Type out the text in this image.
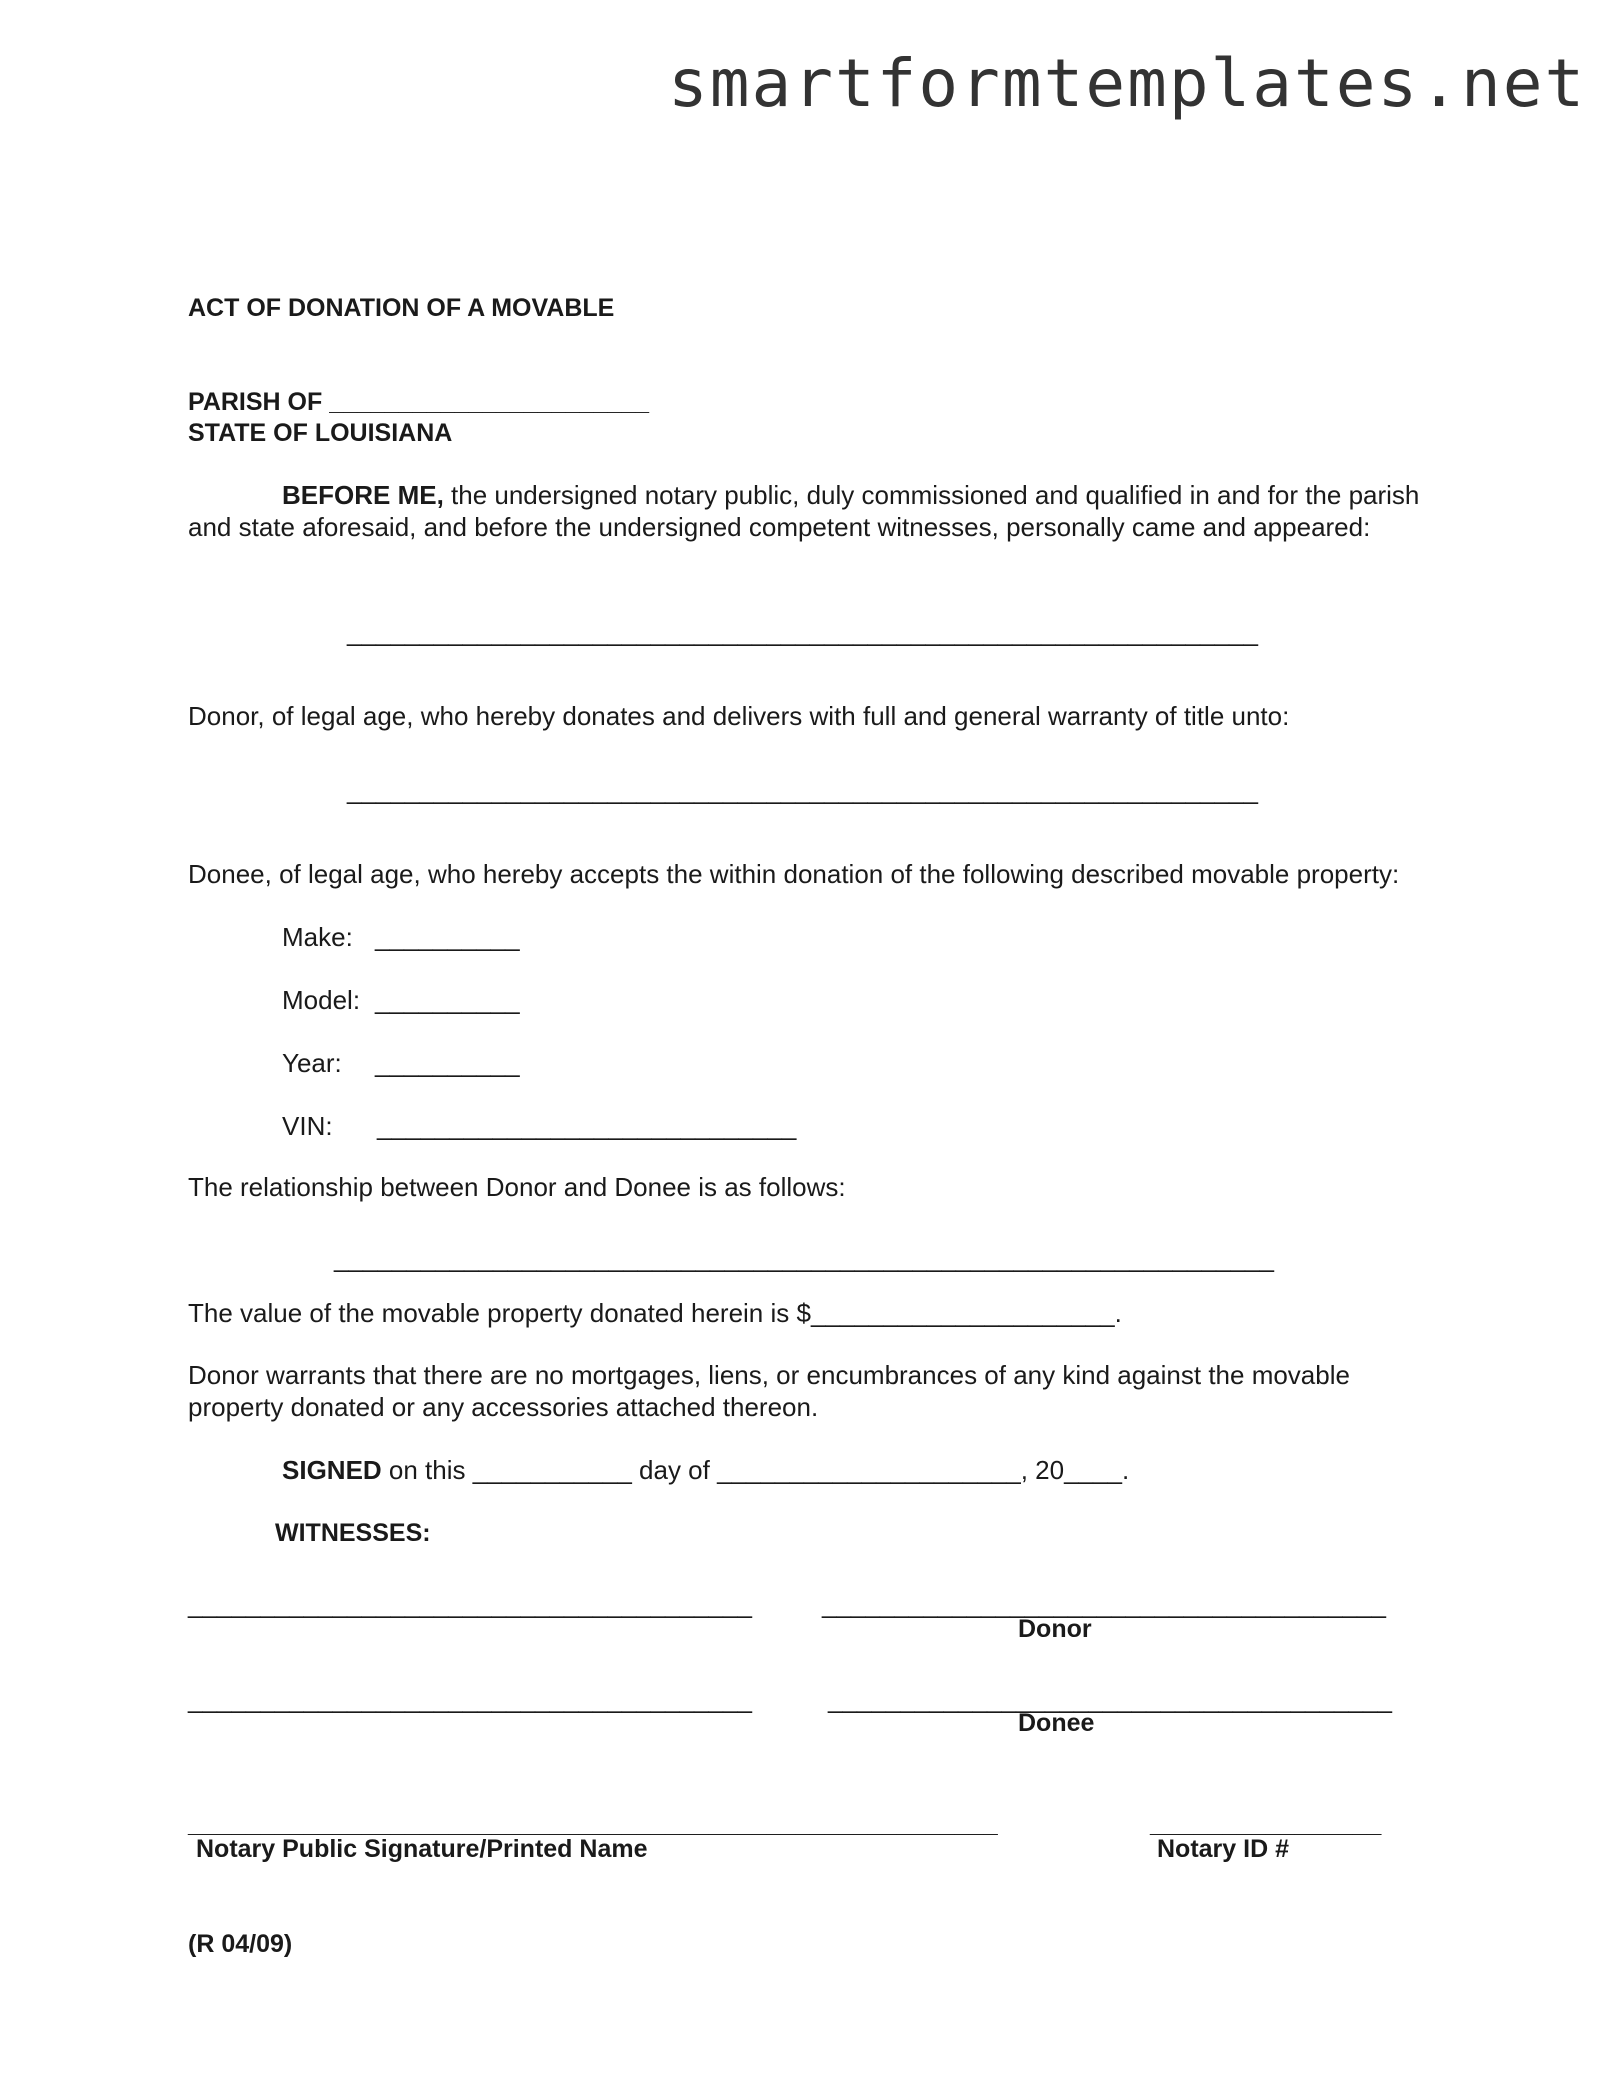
smartformtemplates.net
ACT OF DONATION OF A MOVABLE
PARISH OF _______________________
STATE OF LOUISIANA
BEFORE ME, the undersigned notary public, duly commissioned and qualified in and for the parish and state aforesaid, and before the undersigned competent witnesses, personally came and appeared:
_______________________________________________________________
Donor, of legal age, who hereby donates and delivers with full and general warranty of title unto:
_______________________________________________________________
Donee, of legal age, who hereby accepts the within donation of the following described movable property:
Make: __________
Model: __________
Year: __________
VIN: _____________________________
The relationship between Donor and Donee is as follows:
_________________________________________________________________
The value of the movable property donated herein is $_____________________.
Donor warrants that there are no mortgages, liens, or encumbrances of any kind against the movable property donated or any accessories attached thereon.
SIGNED on this ___________ day of _____________________, 20____.
WITNESSES:
_______________________________________	_______________________________________
Donor
_______________________________________	_______________________________________
Donee
________________________________________________________	________________
Notary Public Signature/Printed Name	Notary ID #
(R 04/09)
